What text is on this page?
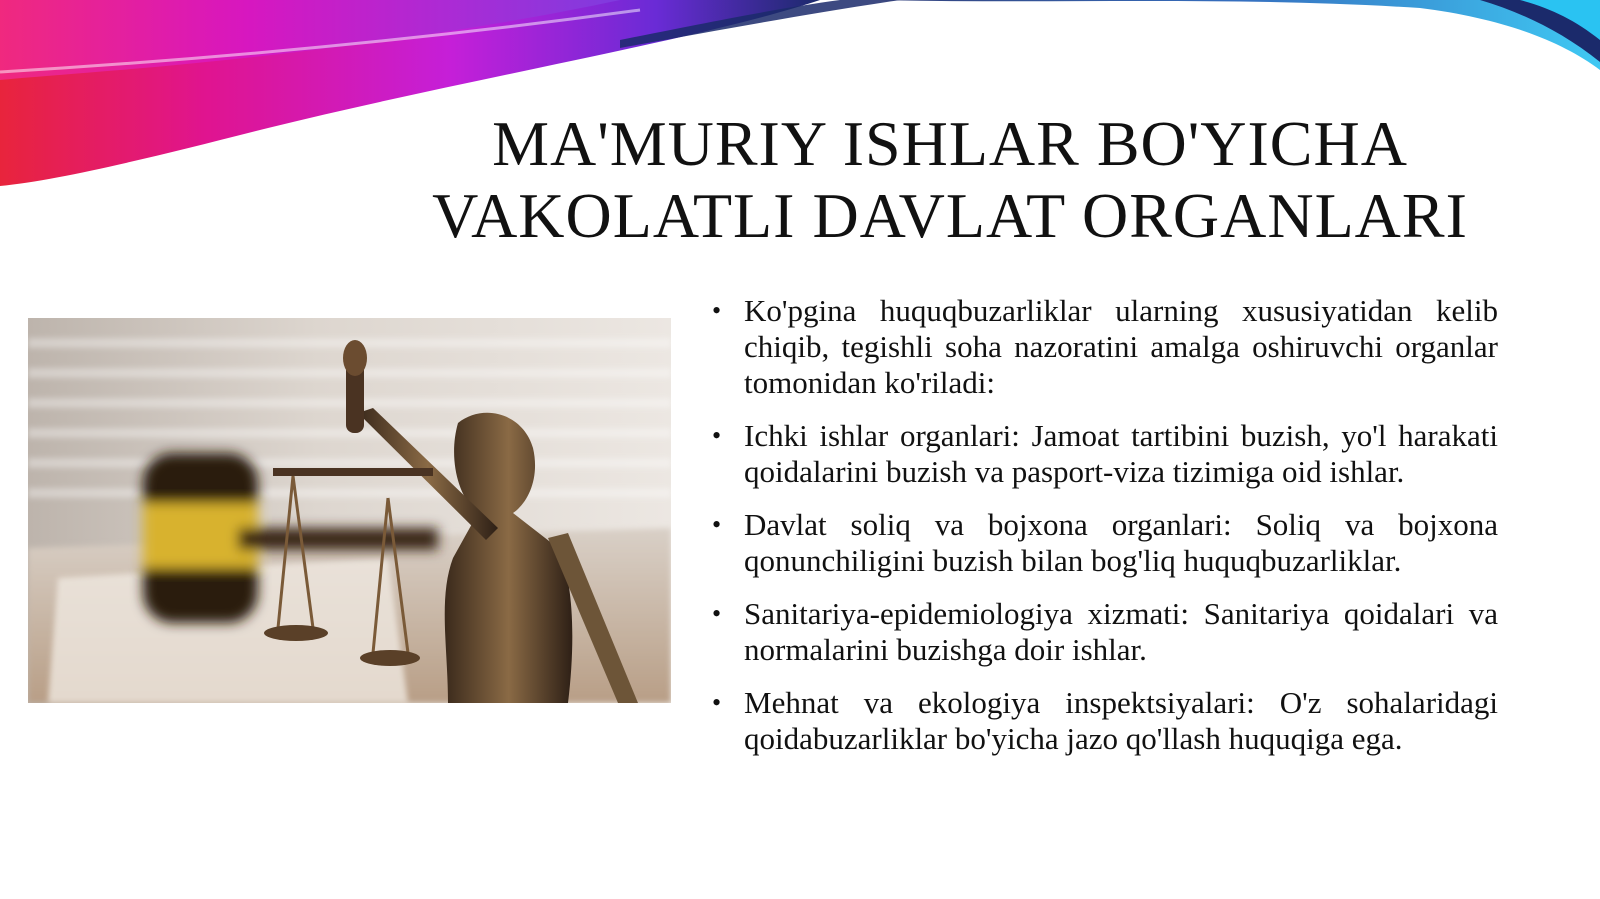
MA'MURIY ISHLAR BO'YICHA
VAKOLATLI DAVLAT ORGANLARI
• Ko'pgina huquqbuzarliklar ularning xususiyatidan kelib chiqib, tegishli soha nazoratini amalga oshiruvchi organlar tomonidan ko'riladi:
• Ichki ishlar organlari: Jamoat tartibini buzish, yo'l harakati qoidalarini buzish va pasport-viza tizimiga oid ishlar.
• Davlat soliq va bojxona organlari: Soliq va bojxona qonunchiligini buzish bilan bog'liq huquqbuzarliklar.
• Sanitariya-epidemiologiya xizmati: Sanitariya qoidalari va normalarini buzishga doir ishlar.
• Mehnat va ekologiya inspektsiyalari: O'z sohalaridagi qoidabuzarliklar bo'yicha jazo qo'llash huquqiga ega.
